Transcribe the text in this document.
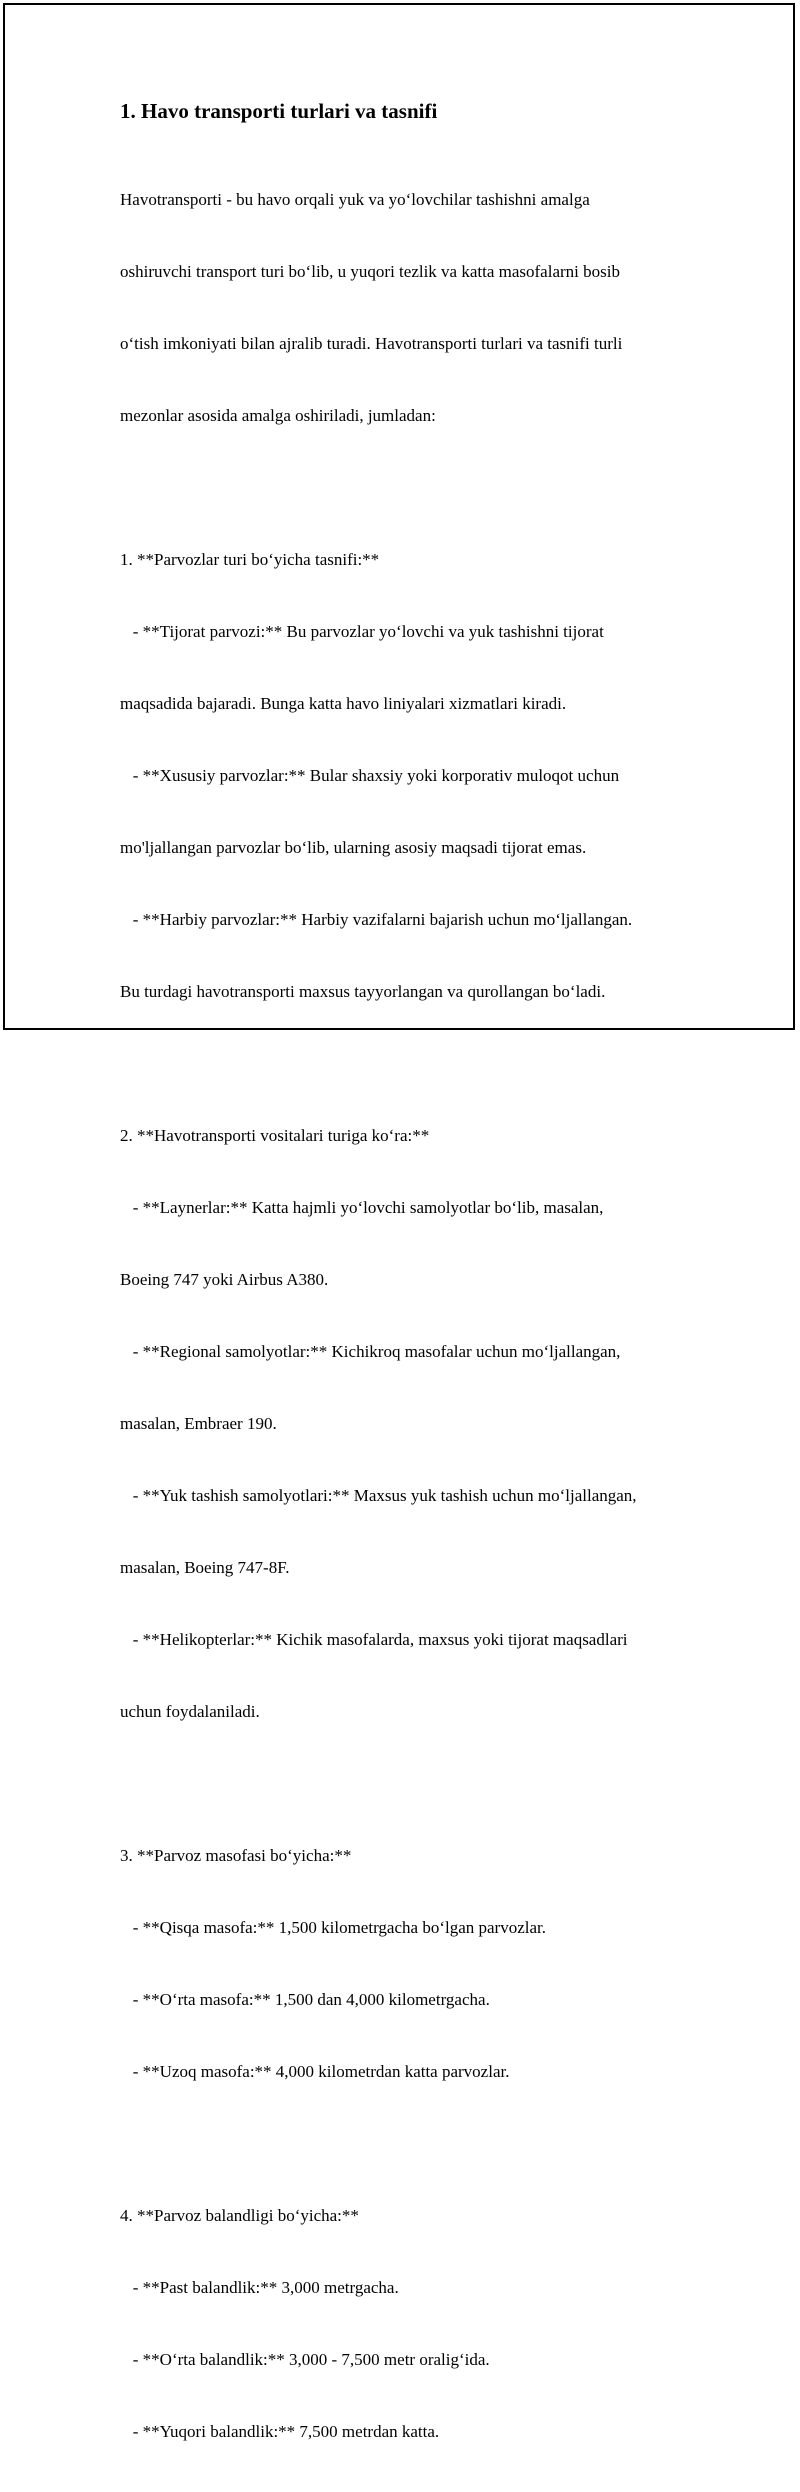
1. Havo transporti turlari va tasnifi

Havotransporti - bu havo orqali yuk va yo‘lovchilar tashishni amalga

oshiruvchi transport turi bo‘lib, u yuqori tezlik va katta masofalarni bosib

o‘tish imkoniyati bilan ajralib turadi. Havotransporti turlari va tasnifi turli

mezonlar asosida amalga oshiriladi, jumladan:

1. **Parvozlar turi bo‘yicha tasnifi:**

- **Tijorat parvozi:** Bu parvozlar yo‘lovchi va yuk tashishni tijorat

maqsadida bajaradi. Bunga katta havo liniyalari xizmatlari kiradi.

- **Xususiy parvozlar:** Bular shaxsiy yoki korporativ muloqot uchun

mo'ljallangan parvozlar bo‘lib, ularning asosiy maqsadi tijorat emas.

- **Harbiy parvozlar:** Harbiy vazifalarni bajarish uchun mo‘ljallangan.

Bu turdagi havotransporti maxsus tayyorlangan va qurollangan bo‘ladi.

2. **Havotransporti vositalari turiga ko‘ra:**

- **Laynerlar:** Katta hajmli yo‘lovchi samolyotlar bo‘lib, masalan,

Boeing 747 yoki Airbus A380.

- **Regional samolyotlar:** Kichikroq masofalar uchun mo‘ljallangan,

masalan, Embraer 190.

- **Yuk tashish samolyotlari:** Maxsus yuk tashish uchun mo‘ljallangan,

masalan, Boeing 747-8F.

- **Helikopterlar:** Kichik masofalarda, maxsus yoki tijorat maqsadlari

uchun foydalaniladi.

3. **Parvoz masofasi bo‘yicha:**

- **Qisqa masofa:** 1,500 kilometrgacha bo‘lgan parvozlar.

- **O‘rta masofa:** 1,500 dan 4,000 kilometrgacha.

- **Uzoq masofa:** 4,000 kilometrdan katta parvozlar.

4. **Parvoz balandligi bo‘yicha:**

- **Past balandlik:** 3,000 metrgacha.

- **O‘rta balandlik:** 3,000 - 7,500 metr oralig‘ida.

- **Yuqori balandlik:** 7,500 metrdan katta.
